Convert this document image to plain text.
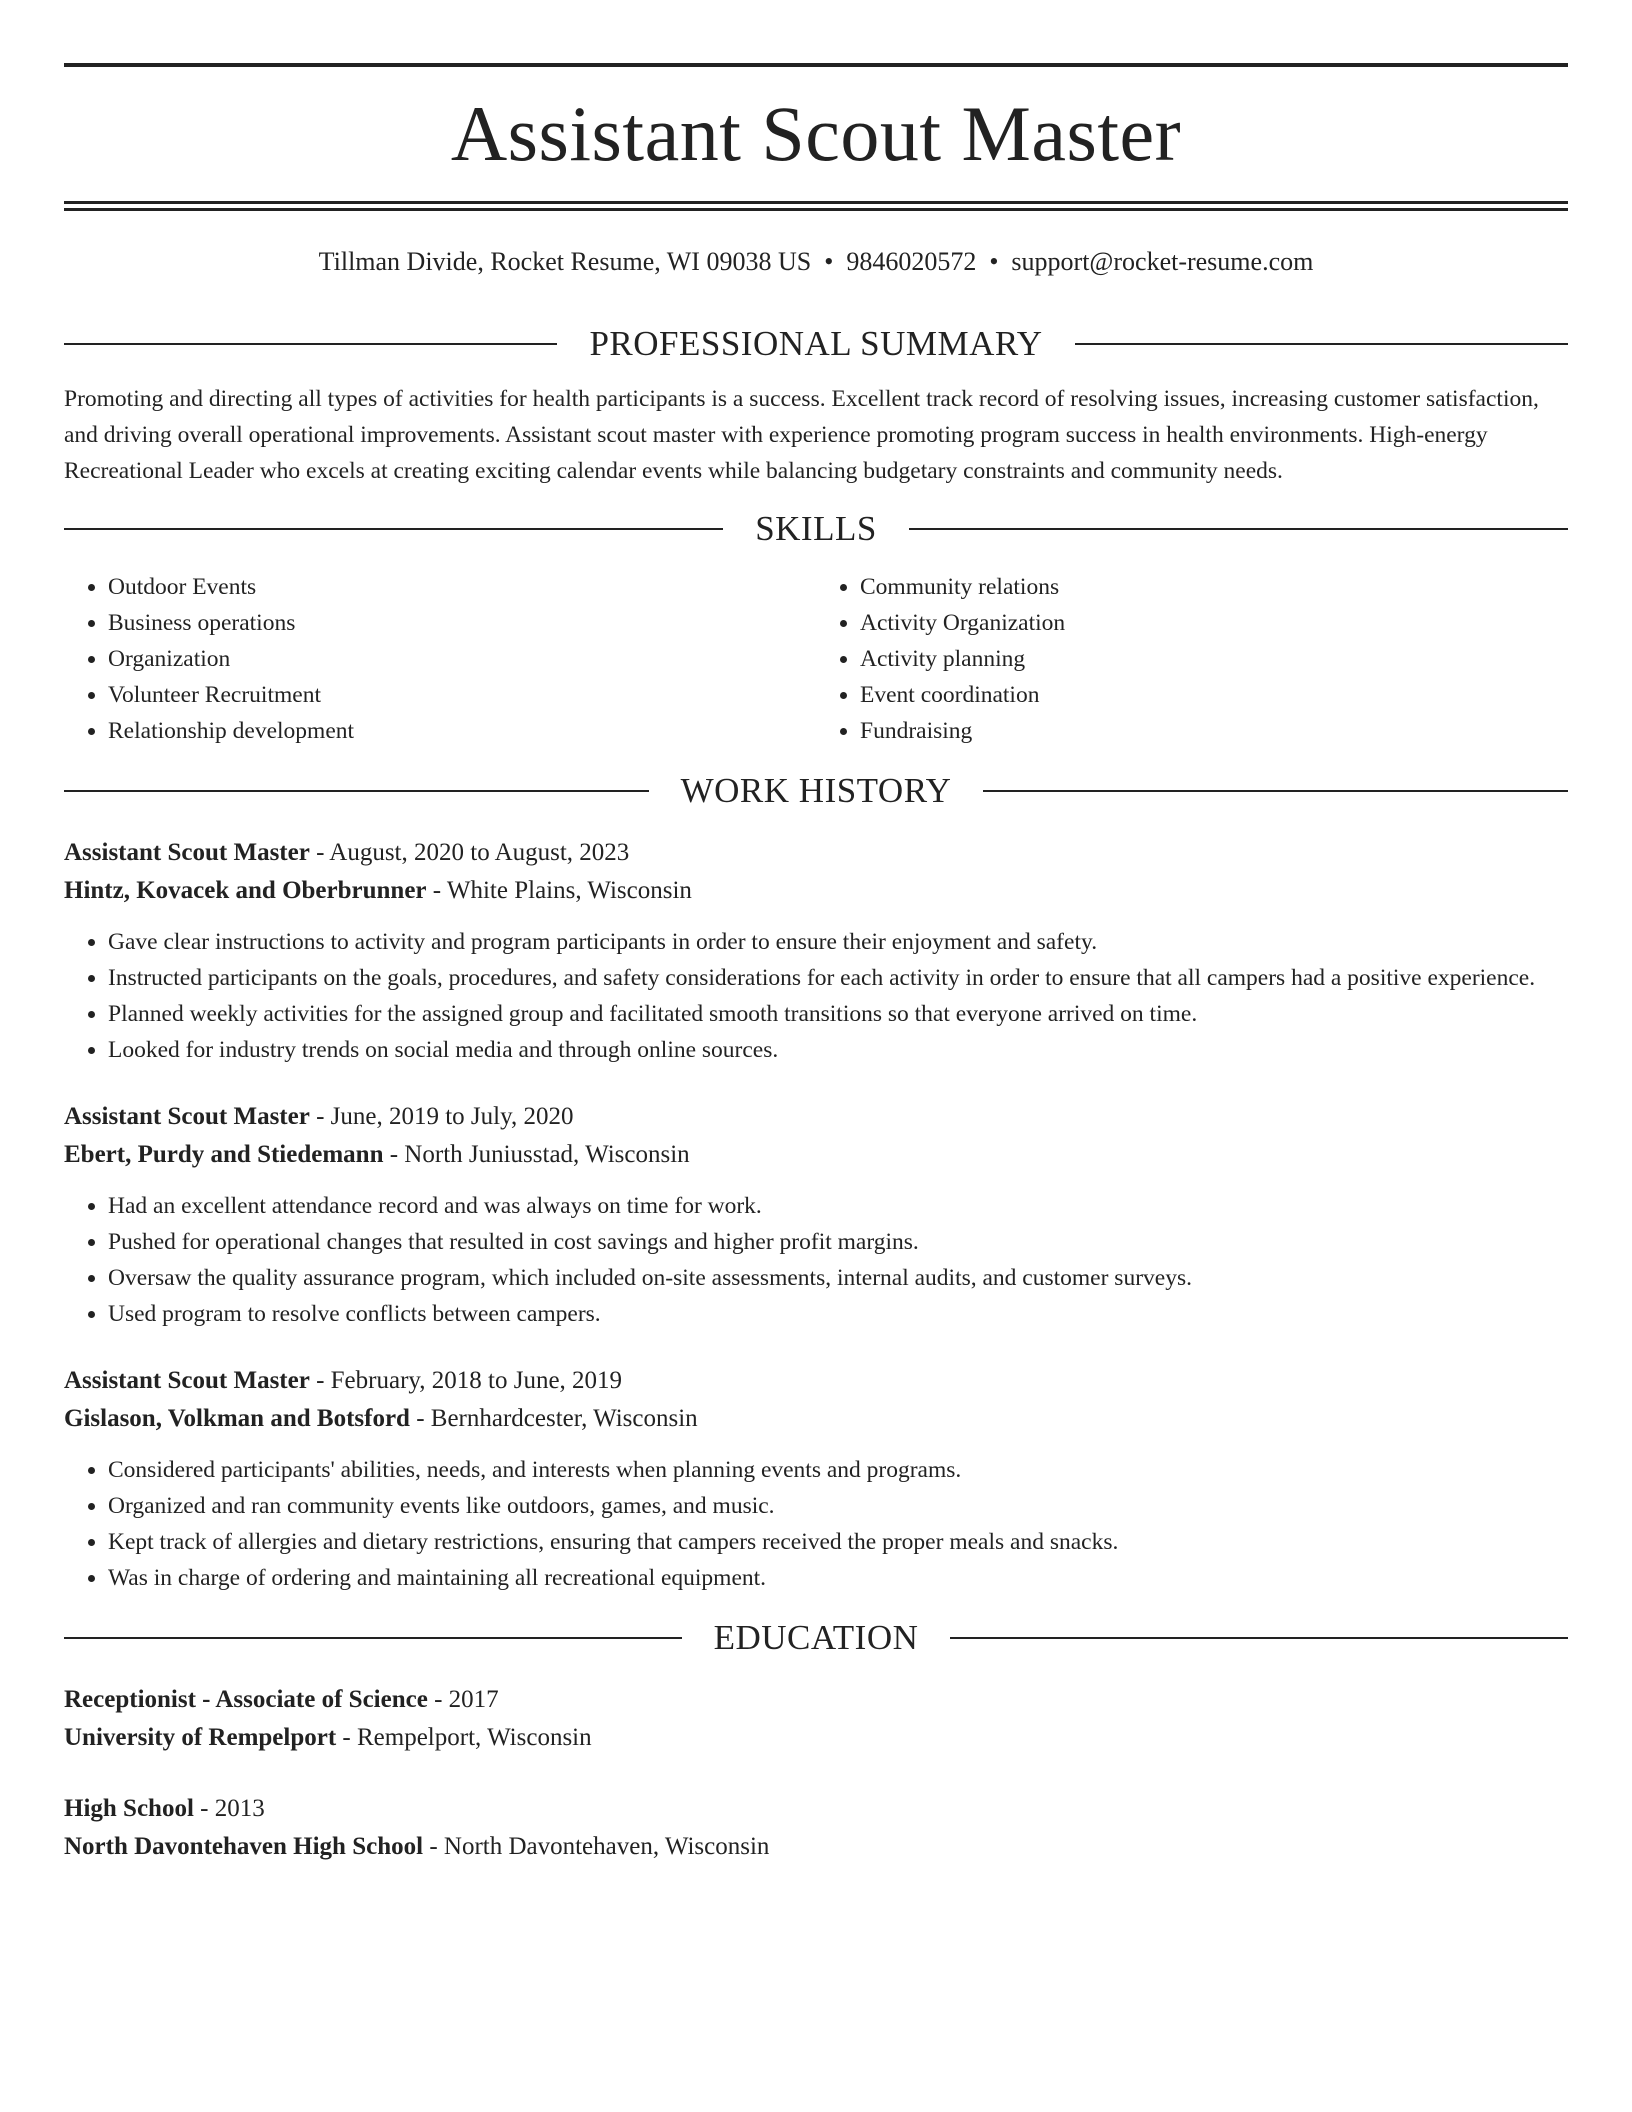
Assistant Scout Master
Tillman Divide, Rocket Resume, WI 09038 US • 9846020572 • support@rocket-resume.com
PROFESSIONAL SUMMARY
Promoting and directing all types of activities for health participants is a success. Excellent track record of resolving issues, increasing customer satisfaction, and driving overall operational improvements. Assistant scout master with experience promoting program success in health environments. High-energy Recreational Leader who excels at creating exciting calendar events while balancing budgetary constraints and community needs.
SKILLS
• Outdoor Events
• Business operations
• Organization
• Volunteer Recruitment
• Relationship development
• Community relations
• Activity Organization
• Activity planning
• Event coordination
• Fundraising
WORK HISTORY
Assistant Scout Master - August, 2020 to August, 2023
Hintz, Kovacek and Oberbrunner - White Plains, Wisconsin
• Gave clear instructions to activity and program participants in order to ensure their enjoyment and safety.
• Instructed participants on the goals, procedures, and safety considerations for each activity in order to ensure that all campers had a positive experience.
• Planned weekly activities for the assigned group and facilitated smooth transitions so that everyone arrived on time.
• Looked for industry trends on social media and through online sources.
Assistant Scout Master - June, 2019 to July, 2020
Ebert, Purdy and Stiedemann - North Juniusstad, Wisconsin
• Had an excellent attendance record and was always on time for work.
• Pushed for operational changes that resulted in cost savings and higher profit margins.
• Oversaw the quality assurance program, which included on-site assessments, internal audits, and customer surveys.
• Used program to resolve conflicts between campers.
Assistant Scout Master - February, 2018 to June, 2019
Gislason, Volkman and Botsford - Bernhardcester, Wisconsin
• Considered participants' abilities, needs, and interests when planning events and programs.
• Organized and ran community events like outdoors, games, and music.
• Kept track of allergies and dietary restrictions, ensuring that campers received the proper meals and snacks.
• Was in charge of ordering and maintaining all recreational equipment.
EDUCATION
Receptionist - Associate of Science - 2017
University of Rempelport - Rempelport, Wisconsin
High School - 2013
North Davontehaven High School - North Davontehaven, Wisconsin
